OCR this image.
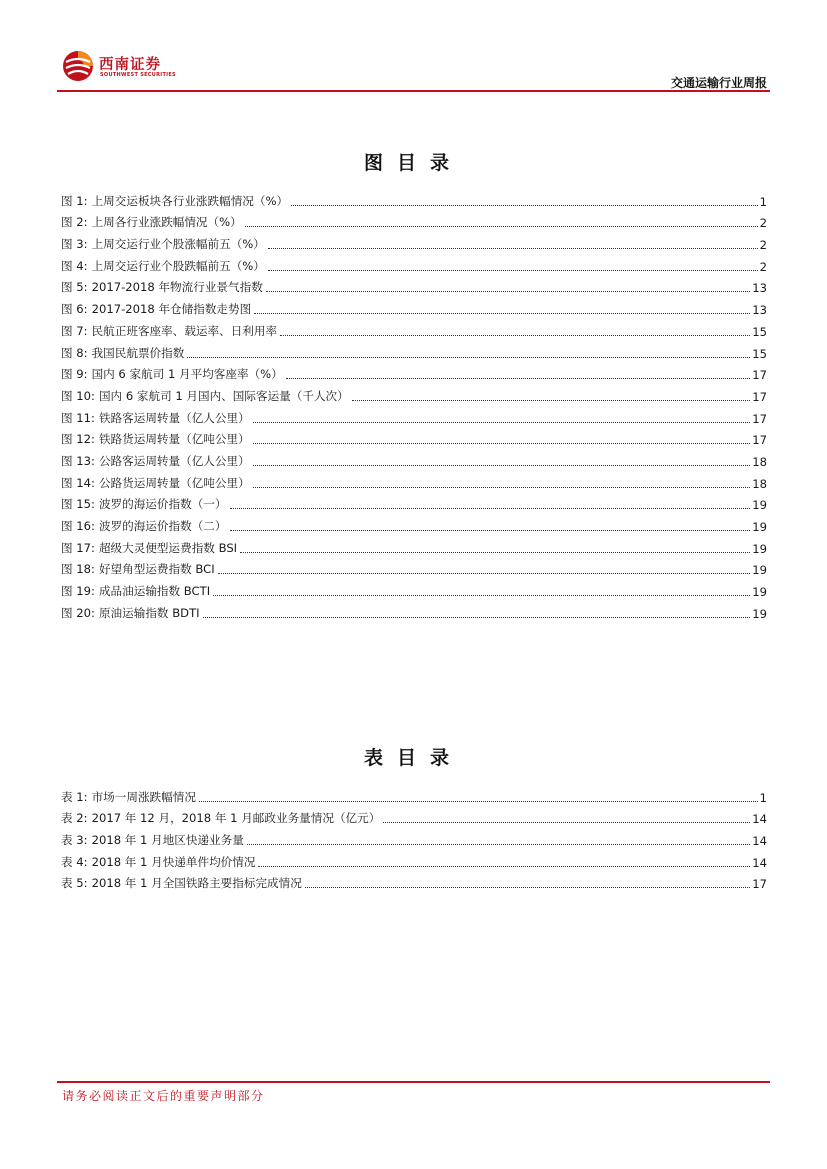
西南证券
SOUTHWEST SECURITIES
交通运输行业周报
图目录
图 1: 上周交运板块各行业涨跌幅情况（%）	1
图 2: 上周各行业涨跌幅情况（%）	2
图 3: 上周交运行业个股涨幅前五（%）	2
图 4: 上周交运行业个股跌幅前五（%）	2
图 5: 2017-2018 年物流行业景气指数	13
图 6: 2017-2018 年仓储指数走势图	13
图 7: 民航正班客座率、载运率、日利用率	15
图 8: 我国民航票价指数	15
图 9: 国内 6 家航司 1 月平均客座率（%）	17
图 10: 国内 6 家航司 1 月国内、国际客运量（千人次）	17
图 11: 铁路客运周转量（亿人公里）	17
图 12: 铁路货运周转量（亿吨公里）	17
图 13: 公路客运周转量（亿人公里）	18
图 14: 公路货运周转量（亿吨公里）	18
图 15: 波罗的海运价指数（一）	19
图 16: 波罗的海运价指数（二）	19
图 17: 超级大灵便型运费指数 BSI	19
图 18: 好望角型运费指数 BCI	19
图 19: 成品油运输指数 BCTI	19
图 20: 原油运输指数 BDTI	19
表目录
表 1: 市场一周涨跌幅情况	1
表 2: 2017 年 12 月，2018 年 1 月邮政业务量情况（亿元）	14
表 3: 2018 年 1 月地区快递业务量	14
表 4: 2018 年 1 月快递单件均价情况	14
表 5: 2018 年 1 月全国铁路主要指标完成情况	17
请务必阅读正文后的重要声明部分
